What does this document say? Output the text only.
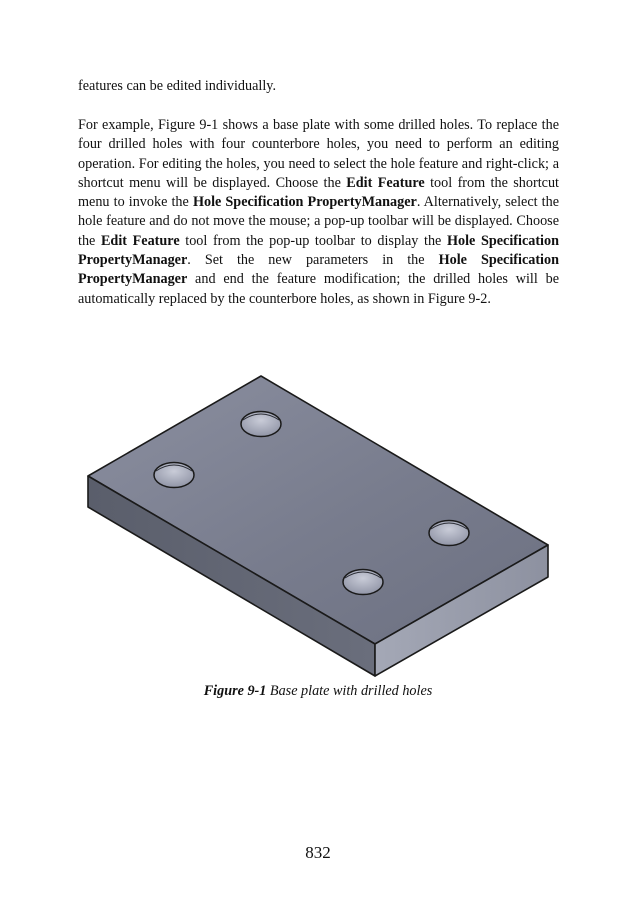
features can be edited individually.

For example, Figure 9-1 shows a base plate with some drilled holes. To replace the four drilled holes with four counterbore holes, you need to perform an editing operation. For editing the holes, you need to select the hole feature and right-click; a shortcut menu will be displayed. Choose the Edit Feature tool from the shortcut menu to invoke the Hole Specification PropertyManager. Alternatively, select the hole feature and do not move the mouse; a pop-up toolbar will be displayed. Choose the Edit Feature tool from the pop-up toolbar to display the Hole Specification PropertyManager. Set the new parameters in the Hole Specification PropertyManager and end the feature modification; the drilled holes will be automatically replaced by the counterbore holes, as shown in Figure 9-2.

Figure 9-1 Base plate with drilled holes
832
